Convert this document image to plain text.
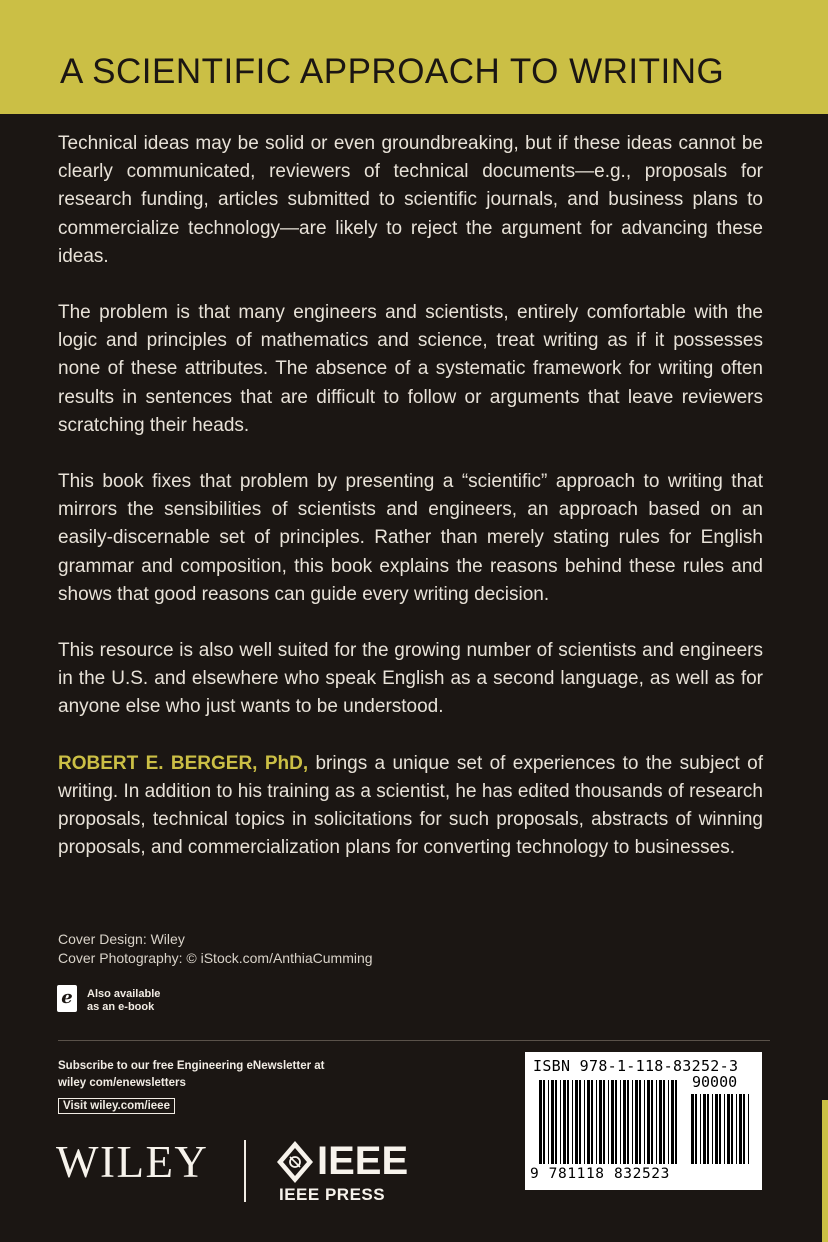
A SCIENTIFIC APPROACH TO WRITING

Technical ideas may be solid or even groundbreaking, but if these ideas cannot be clearly communicated, reviewers of technical documents—e.g., proposals for research funding, articles submitted to scientific journals, and business plans to commercialize technology—are likely to reject the argument for advancing these ideas.

The problem is that many engineers and scientists, entirely comfortable with the logic and principles of mathematics and science, treat writing as if it possesses none of these attributes. The absence of a systematic framework for writing often results in sentences that are difficult to follow or arguments that leave reviewers scratching their heads.

This book fixes that problem by presenting a “scientific” approach to writing that mirrors the sensibilities of scientists and engineers, an approach based on an easily-discernable set of principles. Rather than merely stating rules for English grammar and composition, this book explains the reasons behind these rules and shows that good reasons can guide every writing decision.

This resource is also well suited for the growing number of scientists and engineers in the U.S. and elsewhere who speak English as a second language, as well as for anyone else who just wants to be understood.

ROBERT E. BERGER, PhD, brings a unique set of experiences to the subject of writing. In addition to his training as a scientist, he has edited thousands of research proposals, technical topics in solicitations for such proposals, abstracts of winning proposals, and commercialization plans for converting technology to businesses.

Cover Design: Wiley
Cover Photography: © iStock.com/AnthiaCumming
e	Also available
as an e-book
Subscribe to our free Engineering eNewsletter at
wiley com/enewsletters
Visit wiley.com/ieee
WILEY	IEEE
IEEE PRESS
ISBN 978-1-118-83252-3
90000
9 781118 832523
